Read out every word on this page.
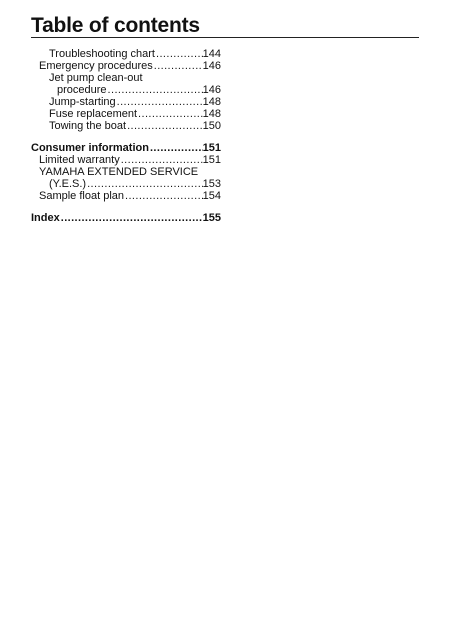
Table of contents
Troubleshooting chart .....	144
Emergency procedures .....	146
Jet pump clean-out
procedure .....	146
Jump-starting .....	148
Fuse replacement .....	148
Towing the boat .....	150
Consumer information .....	151
Limited warranty .....	151
YAMAHA EXTENDED SERVICE
(Y.E.S.) .....	153
Sample float plan .....	154
Index .....	155
